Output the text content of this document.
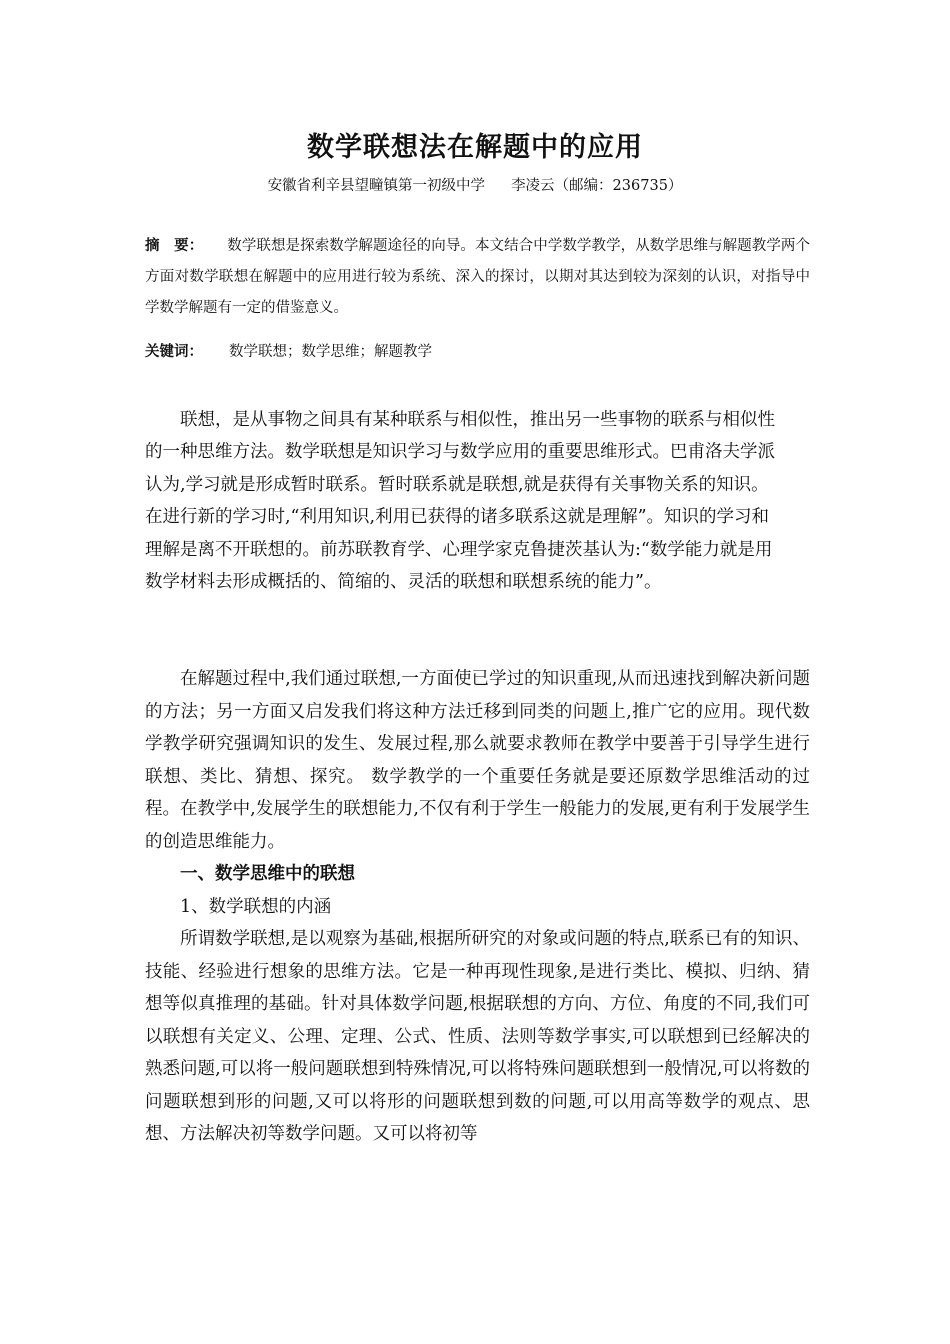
数学联想法在解题中的应用
安徽省利辛县望疃镇第一初级中学 李凌云（邮编：236735）
摘　要： 数学联想是探索数学解题途径的向导。本文结合中学数学教学，从数学思维与解题教学两个方面对数学联想在解题中的应用进行较为系统、深入的探讨，以期对其达到较为深刻的认识，对指导中学数学解题有一定的借鉴意义。
关键词： 数学联想；数学思维；解题教学

联想，是从事物之间具有某种联系与相似性，推出另一些事物的联系与相似性的一种思维方法。数学联想是知识学习与数学应用的重要思维形式。巴甫洛夫学派认为,学习就是形成暂时联系。暂时联系就是联想,就是获得有关事物关系的知识。在进行新的学习时,“利用知识,利用已获得的诸多联系这就是理解”。知识的学习和理解是离不开联想的。前苏联教育学、心理学家克鲁捷茨基认为:“数学能力就是用数学材料去形成概括的、简缩的、灵活的联想和联想系统的能力”。

在解题过程中,我们通过联想,一方面使已学过的知识重现,从而迅速找到解决新问题的方法；另一方面又启发我们将这种方法迁移到同类的问题上,推广它的应用。现代数学教学研究强调知识的发生、发展过程,那么就要求教师在教学中要善于引导学生进行联想、类比、猜想、探究。 数学教学的一个重要任务就是要还原数学思维活动的过程。在教学中,发展学生的联想能力,不仅有利于学生一般能力的发展,更有利于发展学生的创造思维能力。

一、数学思维中的联想

1、数学联想的内涵

所谓数学联想,是以观察为基础,根据所研究的对象或问题的特点,联系已有的知识、技能、经验进行想象的思维方法。它是一种再现性现象,是进行类比、模拟、归纳、猜想等似真推理的基础。针对具体数学问题,根据联想的方向、方位、角度的不同,我们可以联想有关定义、公理、定理、公式、性质、法则等数学事实,可以联想到已经解决的熟悉问题,可以将一般问题联想到特殊情况,可以将特殊问题联想到一般情况,可以将数的问题联想到形的问题,又可以将形的问题联想到数的问题,可以用高等数学的观点、思想、方法解决初等数学问题。又可以将初等
